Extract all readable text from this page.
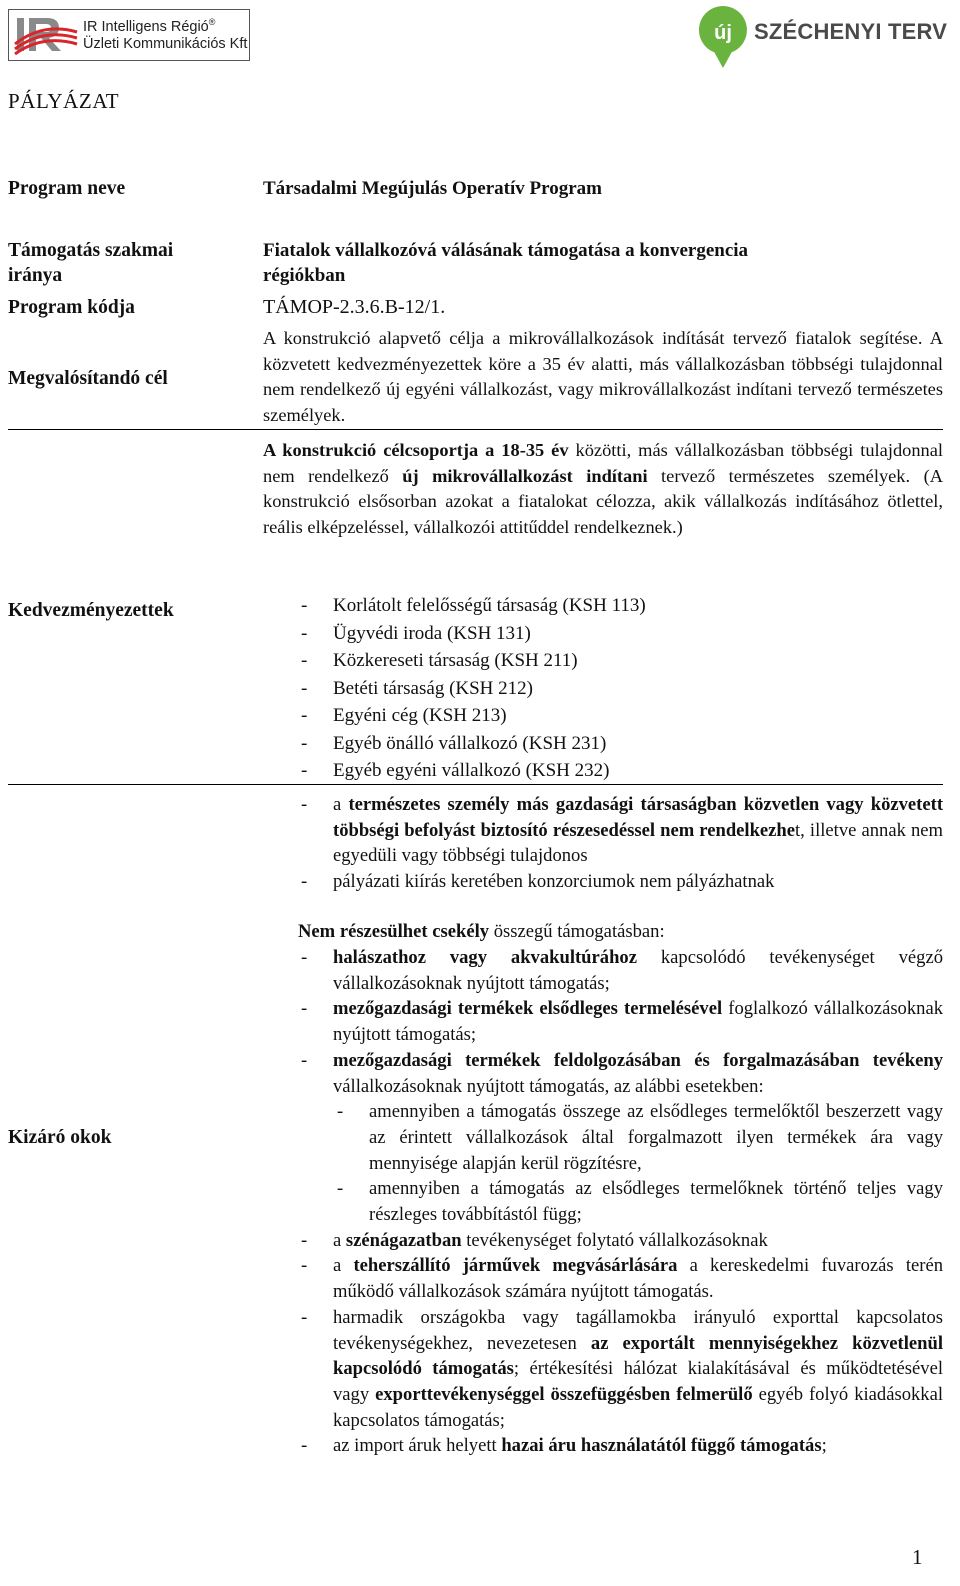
IR Intelligens Régió®
Üzleti Kommunikációs Kft	új SZÉCHENYI TERV
PÁLYÁZAT
Program neve	Társadalmi Megújulás Operatív Program
Támogatás szakmai
iránya
Fiatalok vállalkozóvá válásának támogatása a konvergencia
régiókban
Program kódja	TÁMOP-2.3.6.B-12/1.
Megvalósítandó cél
A konstrukció alapvető célja a mikrovállalkozások indítását tervező fiatalok segítése. A közvetett kedvezményezettek köre a 35 év alatti, más vállalkozásban többségi tulajdonnal nem rendelkező új egyéni vállalkozást, vagy mikrovállalkozást indítani tervező természetes személyek.
A konstrukció célcsoportja a 18-35 év közötti, más vállalkozásban többségi tulajdonnal nem rendelkező új mikrovállalkozást indítani tervező természetes személyek. (A konstrukció elsősorban azokat a fiatalokat célozza, akik vállalkozás indításához ötlettel, reális elképzeléssel, vállalkozói attitűddel rendelkeznek.)
Kedvezményezettek
-	Korlátolt felelősségű társaság (KSH 113)
- Ügyvédi iroda (KSH 131)
- Közkereseti társaság (KSH 211)
- Betéti társaság (KSH 212)
- Egyéni cég (KSH 213)
- Egyéb önálló vállalkozó (KSH 231)
- Egyéb egyéni vállalkozó (KSH 232)
Kizáró okok
- a természetes személy más gazdasági társaságban közvetlen vagy közvetett többségi befolyást biztosító részesedéssel nem rendelkezhet, illetve annak nem egyedüli vagy többségi tulajdonos
- pályázati kiírás keretében konzorciumok nem pályázhatnak
Nem részesülhet csekély összegű támogatásban:
- halászathoz vagy akvakultúrához kapcsolódó tevékenységet végző vállalkozásoknak nyújtott támogatás;
- mezőgazdasági termékek elsődleges termelésével foglalkozó vállalkozásoknak nyújtott támogatás;
- mezőgazdasági termékek feldolgozásában és forgalmazásában tevékeny vállalkozásoknak nyújtott támogatás, az alábbi esetekben:
- amennyiben a támogatás összege az elsődleges termelőktől beszerzett vagy az érintett vállalkozások által forgalmazott ilyen termékek ára vagy mennyisége alapján kerül rögzítésre,
- amennyiben a támogatás az elsődleges termelőknek történő teljes vagy részleges továbbítástól függ;
- a szénágazatban tevékenységet folytató vállalkozásoknak
- a teherszállító járművek megvásárlására a kereskedelmi fuvarozás terén működő vállalkozások számára nyújtott támogatás.
- harmadik országokba vagy tagállamokba irányuló exporttal kapcsolatos tevékenységekhez, nevezetesen az exportált mennyiségekhez közvetlenül kapcsolódó támogatás; értékesítési hálózat kialakításával és működtetésével vagy exporttevékenységgel összefüggésben felmerülő egyéb folyó kiadásokkal kapcsolatos támogatás;
- az import áruk helyett hazai áru használatától függő támogatás;
1
